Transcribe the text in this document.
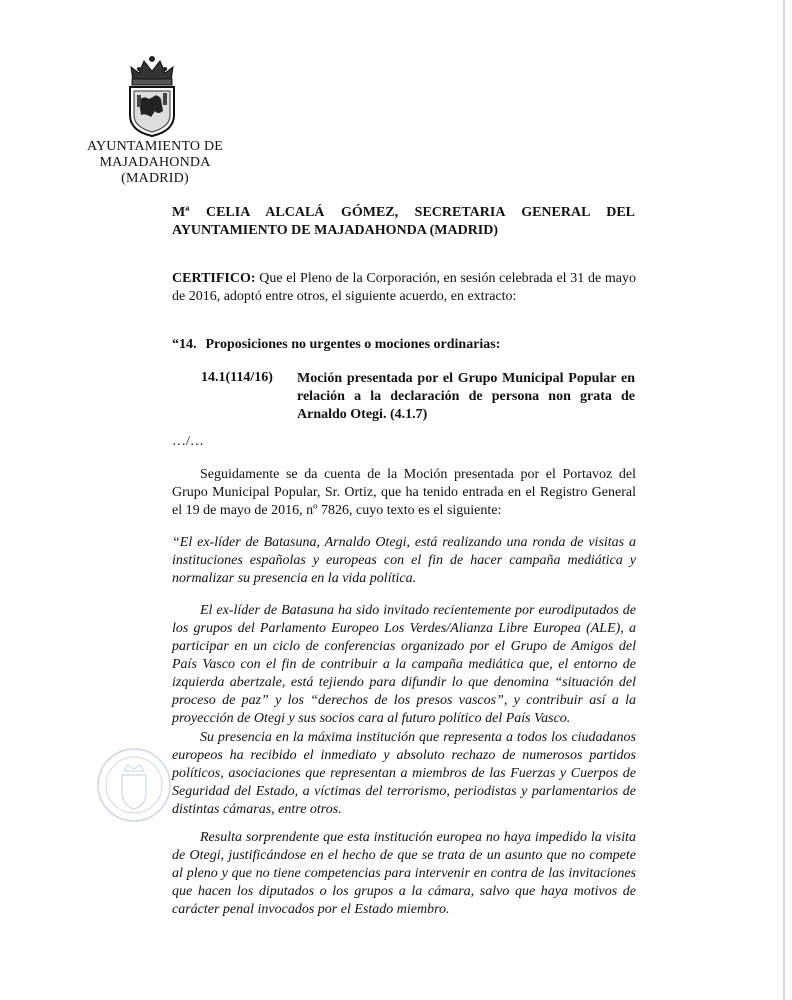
AYUNTAMIENTO DE
MAJADAHONDA
(MADRID)
Mª CELIA ALCALÁ GÓMEZ, SECRETARIA GENERAL DEL
AYUNTAMIENTO DE MAJADAHONDA (MADRID)
CERTIFICO: Que el Pleno de la Corporación, en sesión celebrada el 31 de mayo de 2016, adoptó entre otros, el siguiente acuerdo, en extracto:
“14. Proposiciones no urgentes o mociones ordinarias:
14.1(114/16) Moción presentada por el Grupo Municipal Popular en relación a la declaración de persona non grata de Arnaldo Otegi. (4.1.7)
…/…
Seguidamente se da cuenta de la Moción presentada por el Portavoz del Grupo Municipal Popular, Sr. Ortiz, que ha tenido entrada en el Registro General el 19 de mayo de 2016, nº 7826, cuyo texto es el siguiente:
“El ex-líder de Batasuna, Arnaldo Otegi, está realizando una ronda de visitas a instituciones españolas y europeas con el fin de hacer campaña mediática y normalizar su presencia en la vida política.
El ex-líder de Batasuna ha sido invitado recientemente por eurodiputados de los grupos del Parlamento Europeo Los Verdes/Alianza Libre Europea (ALE), a participar en un ciclo de conferencias organizado por el Grupo de Amigos del País Vasco con el fin de contribuir a la campaña mediática que, el entorno de izquierda abertzale, está tejiendo para difundir lo que denomina “situación del proceso de paz” y los “derechos de los presos vascos”, y contribuir así a la proyección de Otegi y sus socios cara al futuro político del País Vasco.
Su presencia en la máxima institución que representa a todos los ciudadanos europeos ha recibido el inmediato y absoluto rechazo de numerosos partidos políticos, asociaciones que representan a miembros de las Fuerzas y Cuerpos de Seguridad del Estado, a víctimas del terrorismo, periodistas y parlamentarios de distintas cámaras, entre otros.
Resulta sorprendente que esta institución europea no haya impedido la visita de Otegi, justificándose en el hecho de que se trata de un asunto que no compete al pleno y que no tiene competencias para intervenir en contra de las invitaciones que hacen los diputados o los grupos a la cámara, salvo que haya motivos de carácter penal invocados por el Estado miembro.
